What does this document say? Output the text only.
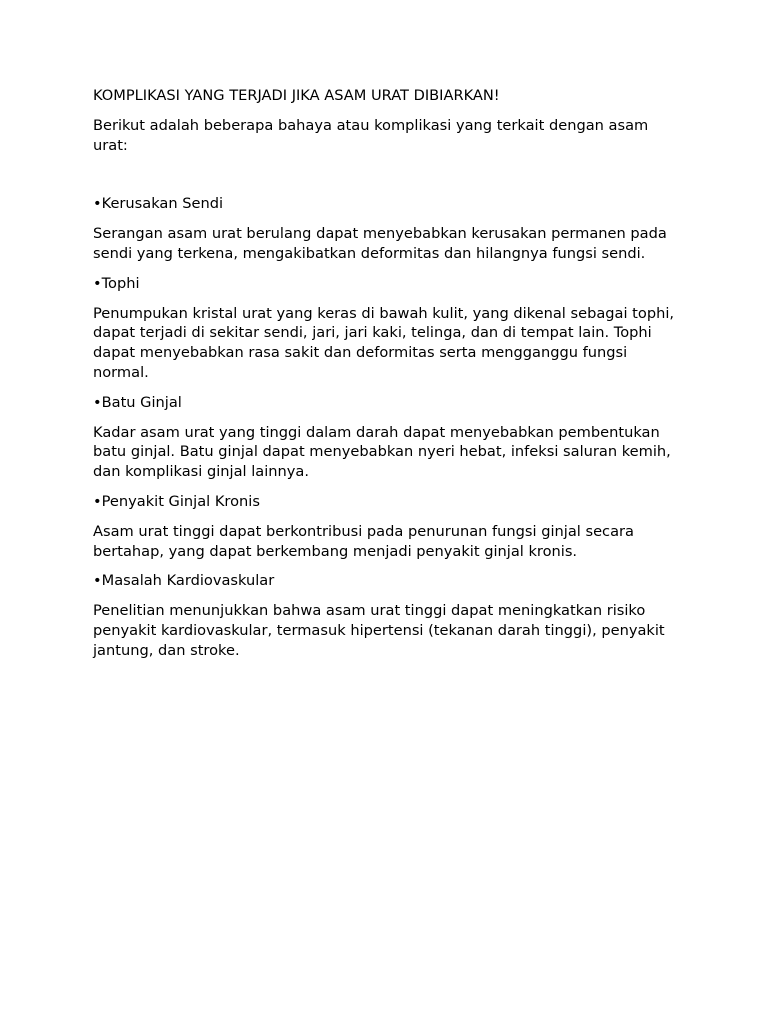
KOMPLIKASI YANG TERJADI JIKA ASAM URAT DIBIARKAN!

Berikut adalah beberapa bahaya atau komplikasi yang terkait dengan asam urat:

•Kerusakan Sendi

Serangan asam urat berulang dapat menyebabkan kerusakan permanen pada sendi yang terkena, mengakibatkan deformitas dan hilangnya fungsi sendi.

•Tophi

Penumpukan kristal urat yang keras di bawah kulit, yang dikenal sebagai tophi, dapat terjadi di sekitar sendi, jari, jari kaki, telinga, dan di tempat lain. Tophi dapat menyebabkan rasa sakit dan deformitas serta mengganggu fungsi normal.

•Batu Ginjal

Kadar asam urat yang tinggi dalam darah dapat menyebabkan pembentukan batu ginjal. Batu ginjal dapat menyebabkan nyeri hebat, infeksi saluran kemih, dan komplikasi ginjal lainnya.

•Penyakit Ginjal Kronis

Asam urat tinggi dapat berkontribusi pada penurunan fungsi ginjal secara bertahap, yang dapat berkembang menjadi penyakit ginjal kronis.

•Masalah Kardiovaskular

Penelitian menunjukkan bahwa asam urat tinggi dapat meningkatkan risiko penyakit kardiovaskular, termasuk hipertensi (tekanan darah tinggi), penyakit jantung, dan stroke.
